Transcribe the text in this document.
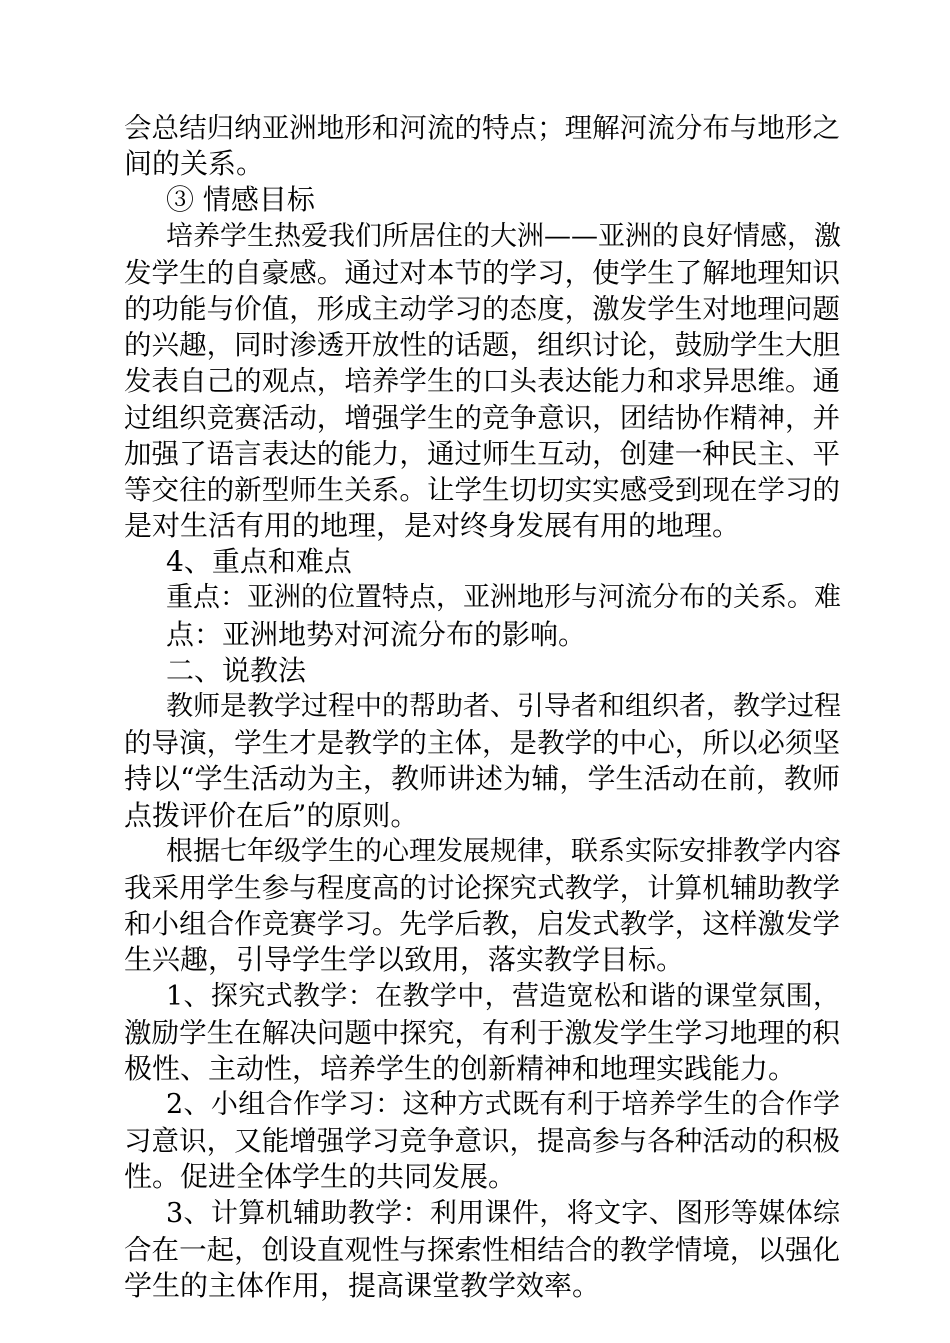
会总结归纳亚洲地形和河流的特点；理解河流分布与地形之
间的关系。
③ 情感目标
培养学生热爱我们所居住的大洲——亚洲的良好情感，激
发学生的自豪感。通过对本节的学习，使学生了解地理知识
的功能与价值，形成主动学习的态度，激发学生对地理问题
的兴趣，同时渗透开放性的话题，组织讨论，鼓励学生大胆
发表自己的观点，培养学生的口头表达能力和求异思维。通
过组织竞赛活动，增强学生的竞争意识，团结协作精神，并
加强了语言表达的能力，通过师生互动，创建一种民主、平
等交往的新型师生关系。让学生切切实实感受到现在学习的
是对生活有用的地理，是对终身发展有用的地理。
4、重点和难点
重点：亚洲的位置特点，亚洲地形与河流分布的关系。难
点：亚洲地势对河流分布的影响。
二、说教法
教师是教学过程中的帮助者、引导者和组织者，教学过程
的导演，学生才是教学的主体，是教学的中心，所以必须坚
持以“学生活动为主，教师讲述为辅，学生活动在前，教师
点拨评价在后”的原则。
根据七年级学生的心理发展规律，联系实际安排教学内容
我采用学生参与程度高的讨论探究式教学，计算机辅助教学
和小组合作竞赛学习。先学后教，启发式教学，这样激发学
生兴趣，引导学生学以致用，落实教学目标。
1、探究式教学：在教学中，营造宽松和谐的课堂氛围，
激励学生在解决问题中探究，有利于激发学生学习地理的积
极性、主动性，培养学生的创新精神和地理实践能力。
2、小组合作学习：这种方式既有利于培养学生的合作学
习意识，又能增强学习竞争意识，提高参与各种活动的积极
性。促进全体学生的共同发展。
3、计算机辅助教学：利用课件，将文字、图形等媒体综
合在一起，创设直观性与探索性相结合的教学情境，以强化
学生的主体作用，提高课堂教学效率。
